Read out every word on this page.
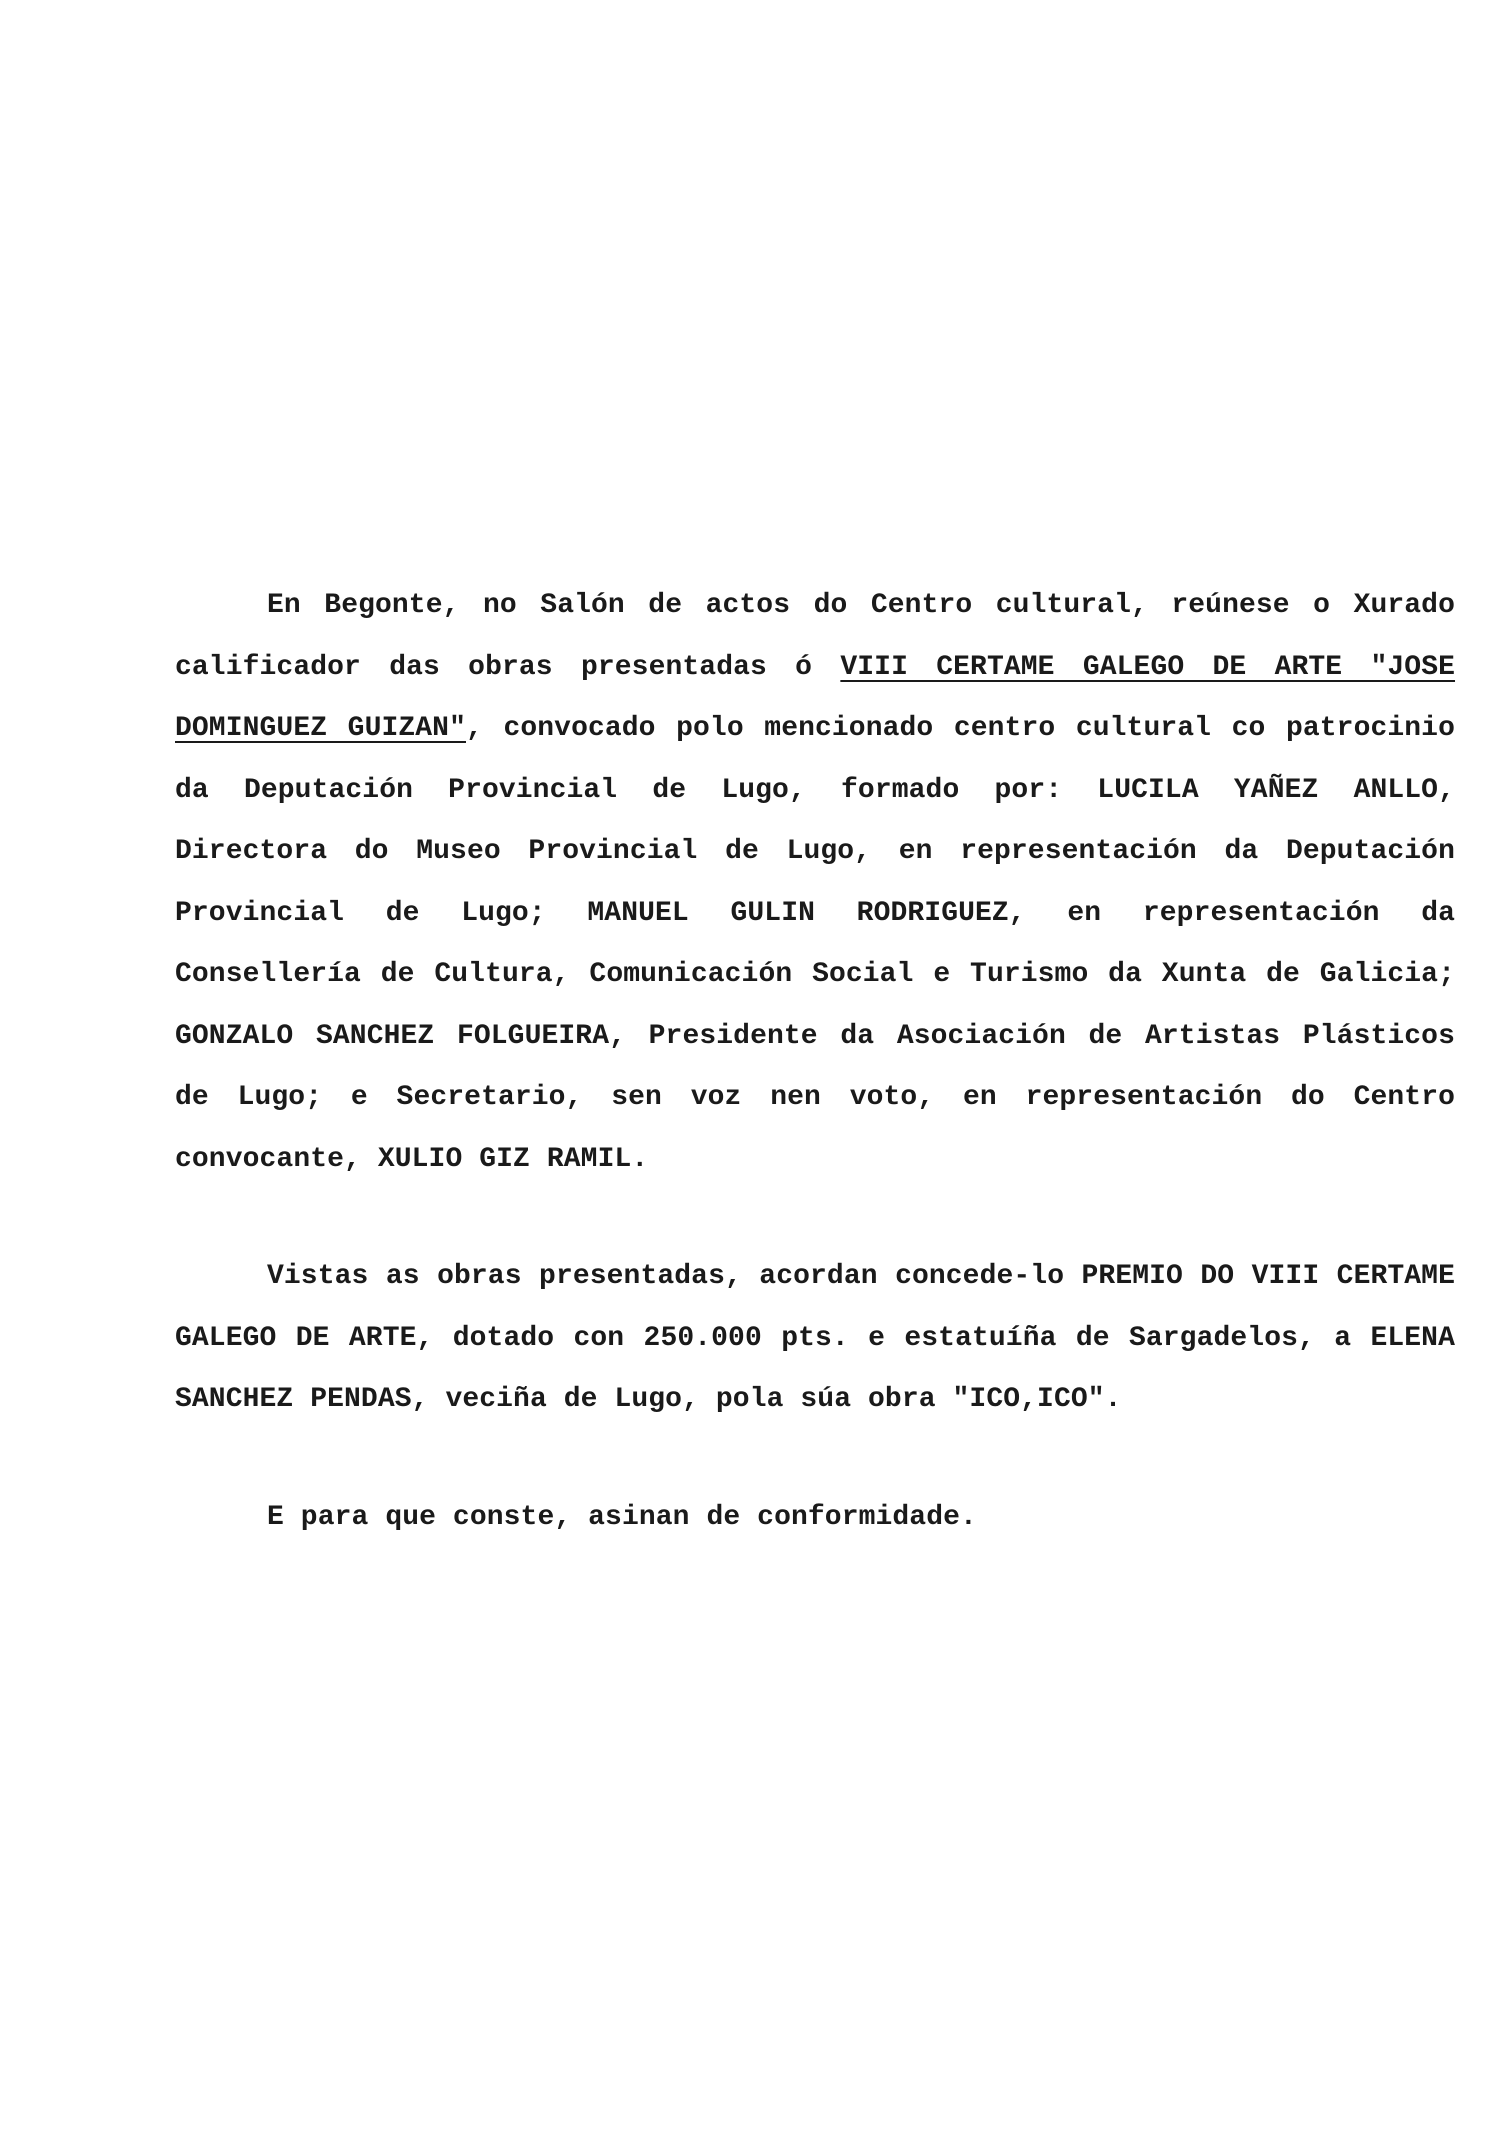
En Begonte, no Salón de actos do Centro cultural, reúnese o Xurado calificador das obras presentadas ó VIII CERTAME GALEGO DE ARTE "JOSE DOMINGUEZ GUIZAN", convocado polo mencionado centro cultural co patrocinio da Deputación Provincial de Lugo, formado por: LUCILA YAÑEZ ANLLO, Directora do Museo Provincial de Lugo, en representación da Deputación Provincial de Lugo; MANUEL GULIN RODRIGUEZ, en representación da Consellería de Cultura, Comunicación Social e Turismo da Xunta de Galicia; GONZALO SANCHEZ FOLGUEIRA, Presidente da Asociación de Artistas Plásticos de Lugo; e Secretario, sen voz nen voto, en representación do Centro convocante, XULIO GIZ RAMIL.

Vistas as obras presentadas, acordan concede-lo PREMIO DO VIII CERTAME GALEGO DE ARTE, dotado con 250.000 pts. e estatuíña de Sargadelos, a ELENA SANCHEZ PENDAS, veciña de Lugo, pola súa obra "ICO,ICO".

E para que conste, asinan de conformidade.
